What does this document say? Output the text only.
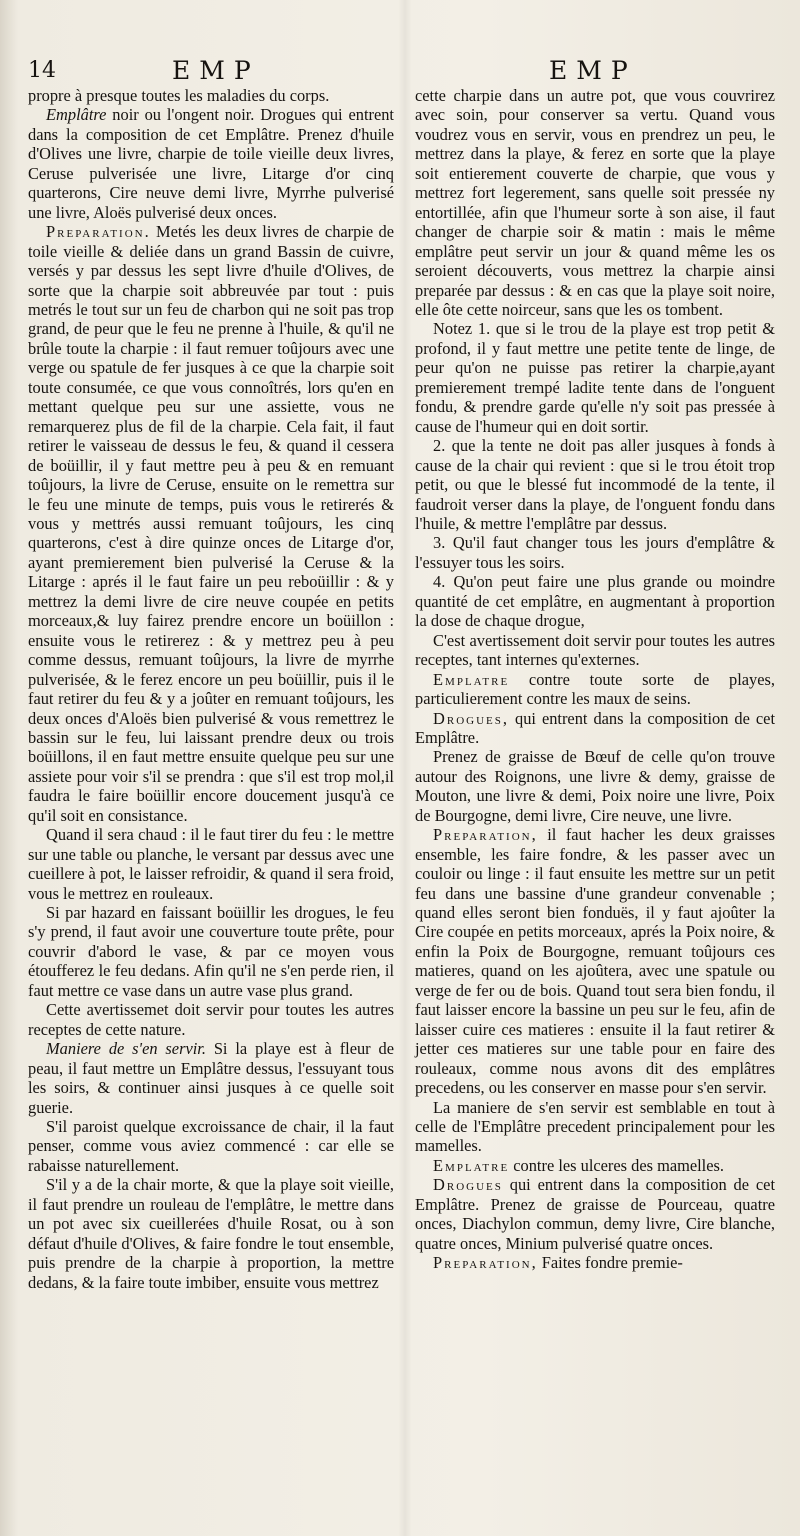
14	EMP	EMP

propre à presque toutes les maladies du corps.

Emplâtre noir ou l'ongent noir. Drogues qui entrent dans la composition de cet Emplâtre. Prenez d'huile d'Olives une livre, charpie de toile vieille deux livres, Ceruse pulverisée une livre, Litarge d'or cinq quarterons, Cire neuve demi livre, Myrrhe pulverisé une livre, Aloës pulverisé deux onces.

Preparation. Metés les deux livres de charpie de toile vieille & deliée dans un grand Bassin de cuivre, versés y par dessus les sept livre d'huile d'Olives, de sorte que la charpie soit abbreuvée par tout : puis metrés le tout sur un feu de charbon qui ne soit pas trop grand, de peur que le feu ne prenne à l'huile, & qu'il ne brûle toute la charpie : il faut remuer toûjours avec une verge ou spatule de fer jusques à ce que la charpie soit toute consumée, ce que vous connoîtrés, lors qu'en en mettant quelque peu sur une assiette, vous ne remarquerez plus de fil de la charpie. Cela fait, il faut retirer le vaisseau de dessus le feu, & quand il cessera de boüillir, il y faut mettre peu à peu & en remuant toûjours, la livre de Ceruse, ensuite on le remettra sur le feu une minute de temps, puis vous le retirerés & vous y mettrés aussi remuant toûjours, les cinq quarterons, c'est à dire quinze onces de Litarge d'or, ayant premierement bien pulverisé la Ceruse & la Litarge : aprés il le faut faire un peu reboüillir : & y mettrez la demi livre de cire neuve coupée en petits morceaux,& luy fairez prendre encore un boüillon : ensuite vous le retirerez : & y mettrez peu à peu comme dessus, remuant toûjours, la livre de myrrhe pulverisée, & le ferez encore un peu boüillir, puis il le faut retirer du feu & y a joûter en remuant toûjours, les deux onces d'Aloës bien pulverisé & vous remettrez le bassin sur le feu, lui laissant prendre deux ou trois boüillons, il en faut mettre ensuite quelque peu sur une assiete pour voir s'il se prendra : que s'il est trop mol,il faudra le faire boüillir encore doucement jusqu'à ce qu'il soit en consistance.

Quand il sera chaud : il le faut tirer du feu : le mettre sur une table ou planche, le versant par dessus avec une cueillere à pot, le laisser refroidir, & quand il sera froid, vous le mettrez en rouleaux.

Si par hazard en faissant boüillir les drogues, le feu s'y prend, il faut avoir une couverture toute prête, pour couvrir d'abord le vase, & par ce moyen vous étoufferez le feu dedans. Afin qu'il ne s'en perde rien, il faut mettre ce vase dans un autre vase plus grand.

Cette avertissemet doit servir pour toutes les autres receptes de cette nature.

Maniere de s'en servir. Si la playe est à fleur de peau, il faut mettre un Emplâtre dessus, l'essuyant tous les soirs, & continuer ainsi jusques à ce quelle soit guerie.

S'il paroist quelque excroissance de chair, il la faut penser, comme vous aviez commencé : car elle se rabaisse naturellement.

S'il y a de la chair morte, & que la playe soit vieille, il faut prendre un rouleau de l'emplâtre, le mettre dans un pot avec six cueillerées d'huile Rosat, ou à son défaut d'huile d'Olives, & faire fondre le tout ensemble, puis prendre de la charpie à proportion, la mettre dedans, & la faire toute imbiber, ensuite vous mettrez

cette charpie dans un autre pot, que vous couvrirez avec soin, pour conserver sa vertu. Quand vous voudrez vous en servir, vous en prendrez un peu, le mettrez dans la playe, & ferez en sorte que la playe soit entierement couverte de charpie, que vous y mettrez fort legerement, sans quelle soit pressée ny entortillée, afin que l'humeur sorte à son aise, il faut changer de charpie soir & matin : mais le même emplâtre peut servir un jour & quand même les os seroient découverts, vous mettrez la charpie ainsi preparée par dessus : & en cas que la playe soit noire, elle ôte cette noirceur, sans que les os tombent.

Notez 1. que si le trou de la playe est trop petit & profond, il y faut mettre une petite tente de linge, de peur qu'on ne puisse pas retirer la charpie,ayant premierement trempé ladite tente dans de l'onguent fondu, & prendre garde qu'elle n'y soit pas pressée à cause de l'humeur qui en doit sortir.

2. que la tente ne doit pas aller jusques à fonds à cause de la chair qui revient : que si le trou étoit trop petit, ou que le blessé fut incommodé de la tente, il faudroit verser dans la playe, de l'onguent fondu dans l'huile, & mettre l'emplâtre par dessus.

3. Qu'il faut changer tous les jours d'emplâtre & l'essuyer tous les soirs.

4. Qu'on peut faire une plus grande ou moindre quantité de cet emplâtre, en augmentant à proportion la dose de chaque drogue,

C'est avertissement doit servir pour toutes les autres receptes, tant internes qu'externes.

Emplatre contre toute sorte de playes, particulierement contre les maux de seins.

Drogues, qui entrent dans la composition de cet Emplâtre.

Prenez de graisse de Bœuf de celle qu'on trouve autour des Roignons, une livre & demy, graisse de Mouton, une livre & demi, Poix noire une livre, Poix de Bourgogne, demi livre, Cire neuve, une livre.

Preparation, il faut hacher les deux graisses ensemble, les faire fondre, & les passer avec un couloir ou linge : il faut ensuite les mettre sur un petit feu dans une bassine d'une grandeur convenable ; quand elles seront bien fonduës, il y faut ajoûter la Cire coupée en petits morceaux, aprés la Poix noire, & enfin la Poix de Bourgogne, remuant toûjours ces matieres, quand on les ajoûtera, avec une spatule ou verge de fer ou de bois. Quand tout sera bien fondu, il faut laisser encore la bassine un peu sur le feu, afin de laisser cuire ces matieres : ensuite il la faut retirer & jetter ces matieres sur une table pour en faire des rouleaux, comme nous avons dit des emplâtres precedens, ou les conserver en masse pour s'en servir.

La maniere de s'en servir est semblable en tout à celle de l'Emplâtre precedent principalement pour les mamelles.

Emplatre contre les ulceres des mamelles.

Drogues qui entrent dans la composition de cet Emplâtre. Prenez de graisse de Pourceau, quatre onces, Diachylon commun, demy livre, Cire blanche, quatre onces, Minium pulverisé quatre onces.

Preparation, Faites fondre premie-
